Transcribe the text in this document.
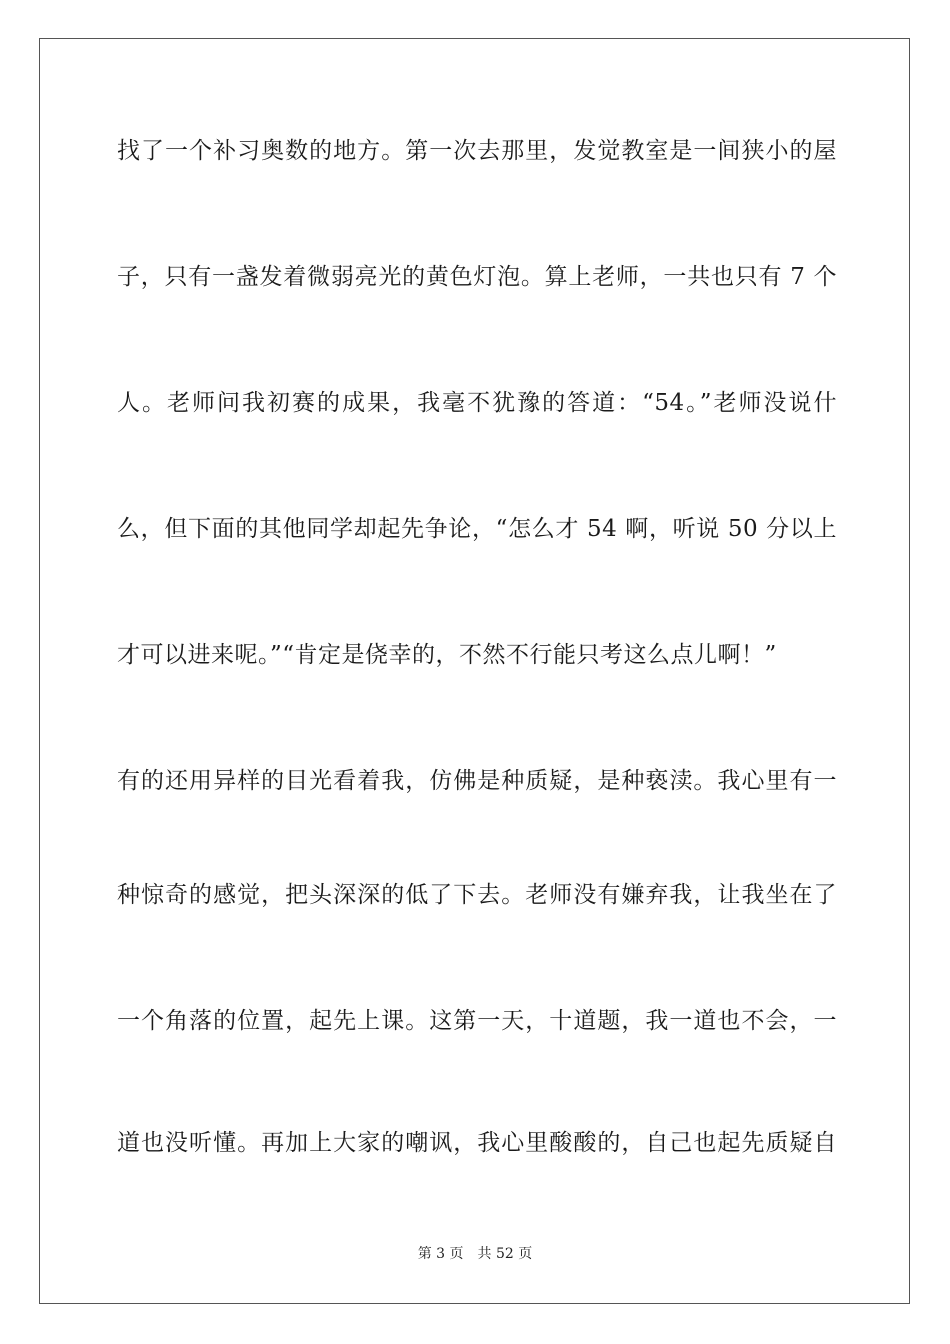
找了一个补习奥数的地方。第一次去那里，发觉教室是一间狭小的屋
子，只有一盏发着微弱亮光的黄色灯泡。算上老师，一共也只有 7 个
人。老师问我初赛的成果，我毫不犹豫的答道：“54。”老师没说什
么，但下面的其他同学却起先争论，“怎么才 54 啊，听说 50 分以上
才可以进来呢。”“肯定是侥幸的，不然不行能只考这么点儿啊！”
有的还用异样的目光看着我，仿佛是种质疑，是种亵渎。我心里有一
种惊奇的感觉，把头深深的低了下去。老师没有嫌弃我，让我坐在了
一个角落的位置，起先上课。这第一天，十道题，我一道也不会，一
道也没听懂。再加上大家的嘲讽，我心里酸酸的，自己也起先质疑自
第 3 页 共 52 页
